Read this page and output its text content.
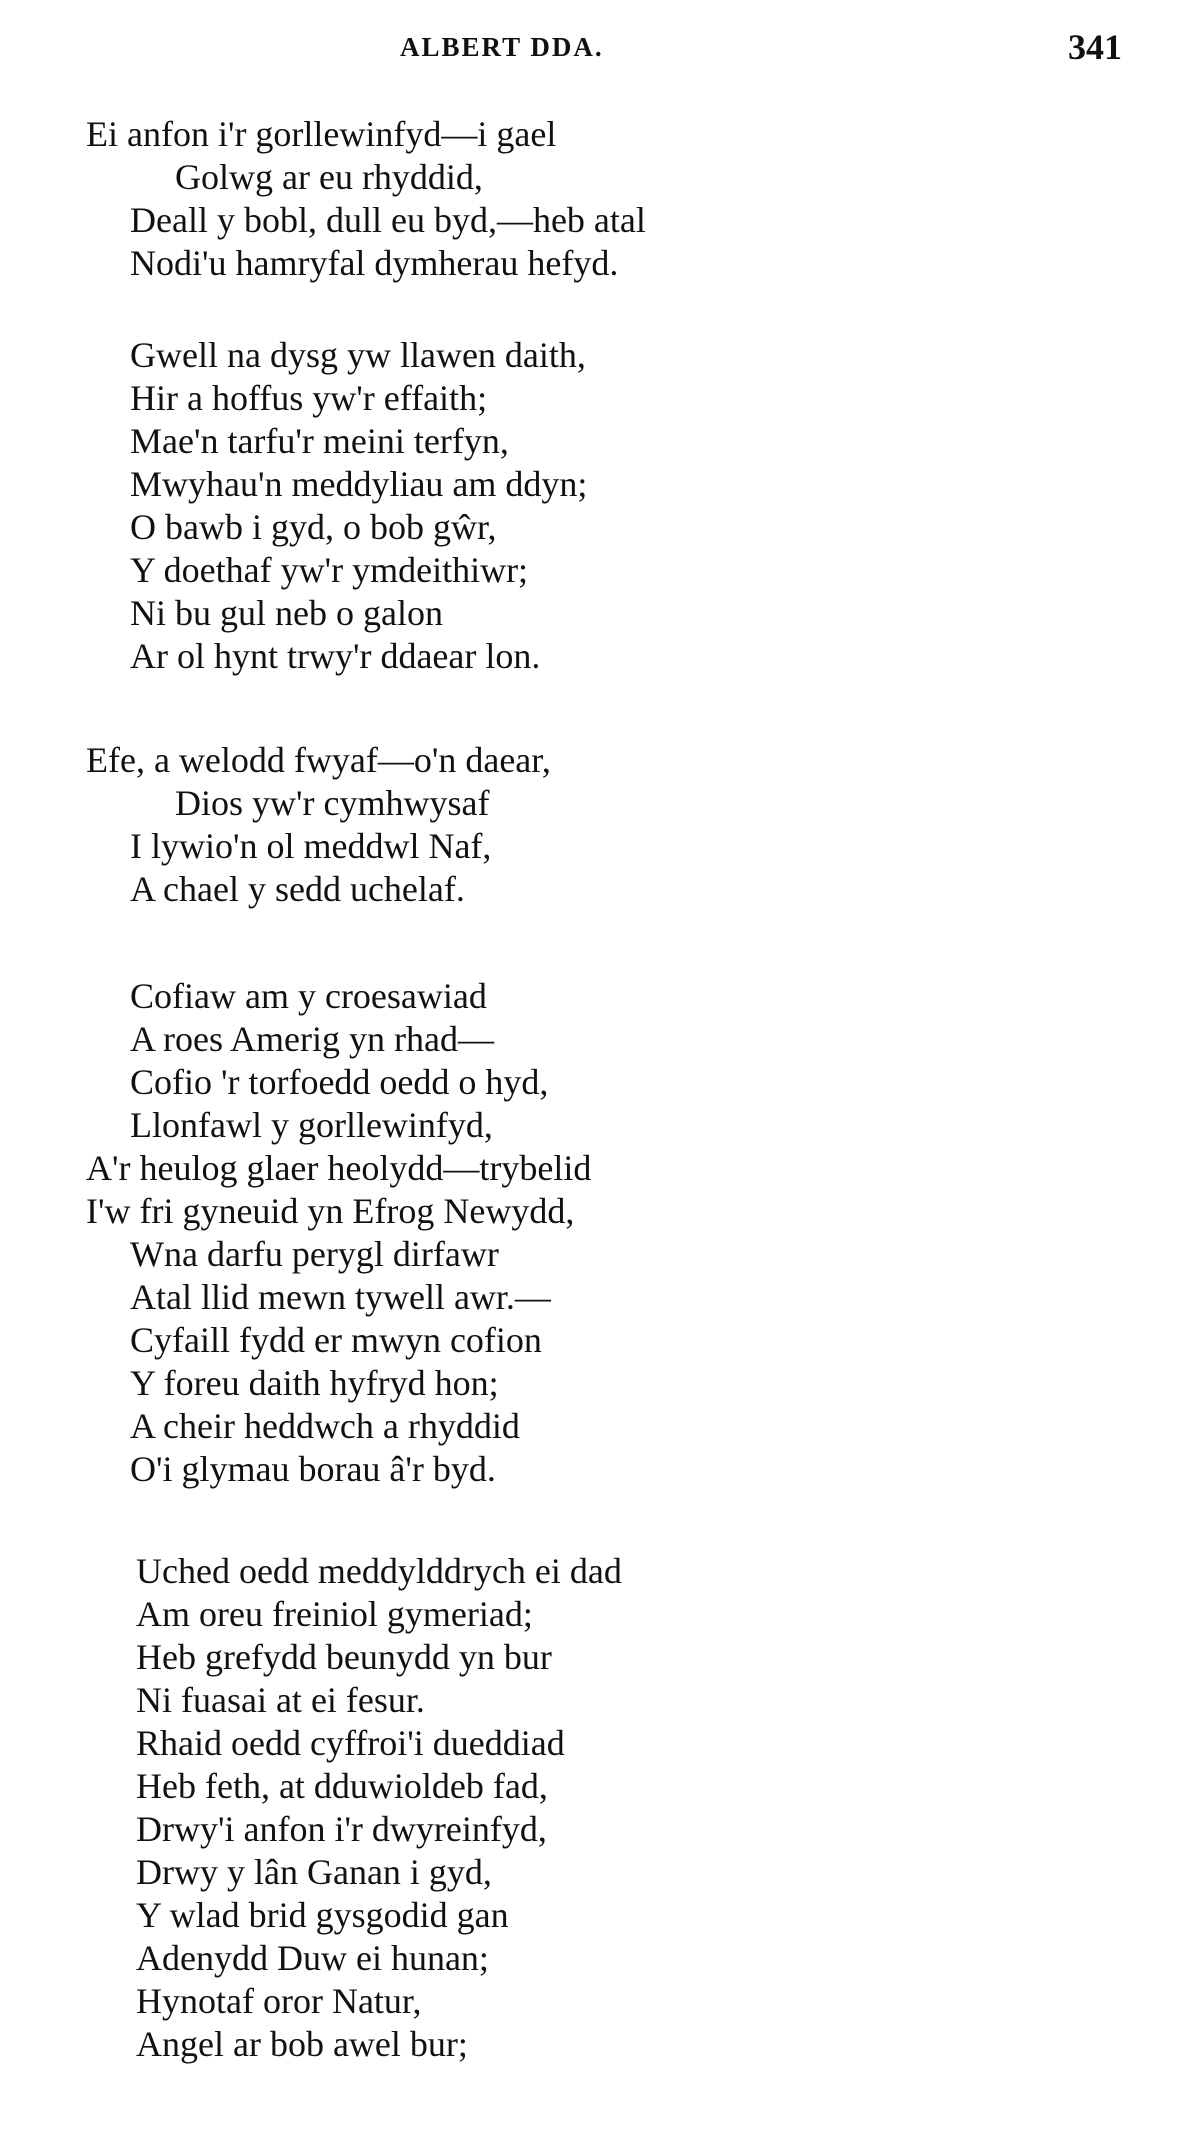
ALBERT DDA.	341
Ei anfon i'r gorllewinfyd—i gael
Golwg ar eu rhyddid,
Deall y bobl, dull eu byd,—heb atal
Nodi'u hamryfal dymherau hefyd.
Gwell na dysg yw llawen daith,
Hir a hoffus yw'r effaith;
Mae'n tarfu'r meini terfyn,
Mwyhau'n meddyliau am ddyn;
O bawb i gyd, o bob gŵr,
Y doethaf yw'r ymdeithiwr;
Ni bu gul neb o galon
Ar ol hynt trwy'r ddaear lon.
Efe, a welodd fwyaf—o'n daear,
Dios yw'r cymhwysaf
I lywio'n ol meddwl Naf,
A chael y sedd uchelaf.
Cofiaw am y croesawiad
A roes Amerig yn rhad—
Cofio 'r torfoedd oedd o hyd,
Llonfawl y gorllewinfyd,
A'r heulog glaer heolydd—trybelid
I'w fri gyneuid yn Efrog Newydd,
Wna darfu perygl dirfawr
Atal llid mewn tywell awr.—
Cyfaill fydd er mwyn cofion
Y foreu daith hyfryd hon;
A cheir heddwch a rhyddid
O'i glymau borau â'r byd.
Uched oedd meddylddrych ei dad
Am oreu freiniol gymeriad;
Heb grefydd beunydd yn bur
Ni fuasai at ei fesur.
Rhaid oedd cyffroi'i dueddiad
Heb feth, at dduwioldeb fad,
Drwy'i anfon i'r dwyreinfyd,
Drwy y lân Ganan i gyd,
Y wlad brid gysgodid gan
Adenydd Duw ei hunan;
Hynotaf oror Natur,
Angel ar bob awel bur;
